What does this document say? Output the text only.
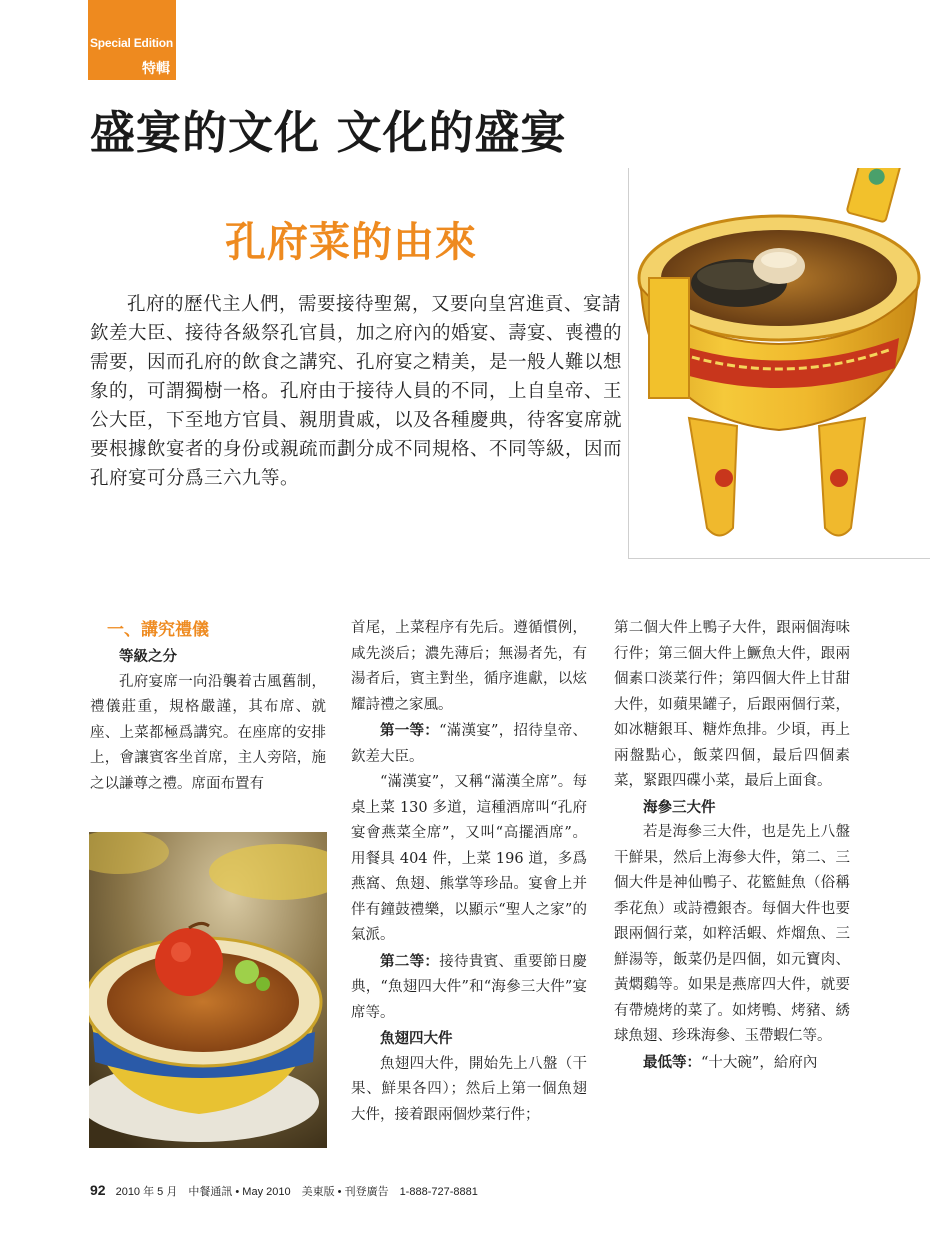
Special Edition
特輯
盛宴的文化 文化的盛宴
孔府菜的由來

孔府的歷代主人們，需要接待聖駕，又要向皇宮進貢、宴請欽差大臣、接待各級祭孔官員，加之府內的婚宴、壽宴、喪禮的需要，因而孔府的飲食之講究、孔府宴之精美，是一般人難以想象的，可謂獨樹一格。孔府由于接待人員的不同，上自皇帝、王公大臣，下至地方官員、親朋貴戚，以及各種慶典，待客宴席就要根據飲宴者的身份或親疏而劃分成不同規格、不同等級，因而孔府宴可分爲三六九等。

一、講究禮儀

等級之分

孔府宴席一向沿襲着古風舊制，禮儀莊重，規格嚴謹，其布席、就座、上菜都極爲講究。在座席的安排上，會讓賓客坐首席，主人旁陪，施之以謙尊之禮。席面布置有

首尾，上菜程序有先后。遵循慣例，咸先淡后；濃先薄后；無湯者先，有湯者后，賓主對坐，循序進獻，以炫耀詩禮之家風。

第一等：“滿漢宴”，招待皇帝、欽差大臣。

“滿漢宴”，又稱“滿漢全席”。每桌上菜 130 多道，這種酒席叫“孔府宴會燕菜全席”，又叫“高擺酒席”。用餐具 404 件，上菜 196 道，多爲燕窩、魚翅、熊掌等珍品。宴會上并伴有鐘鼓禮樂，以顯示“聖人之家”的氣派。

第二等：接待貴賓、重要節日慶典，“魚翅四大件”和“海參三大件”宴席等。

魚翅四大件

魚翅四大件，開始先上八盤（干果、鮮果各四）；然后上第一個魚翅大件，接着跟兩個炒菜行件；

第二個大件上鴨子大件，跟兩個海味行件；第三個大件上鱖魚大件，跟兩個素口淡菜行件；第四個大件上甘甜大件，如蘋果罐子，后跟兩個行菜，如冰糖銀耳、糖炸魚排。少頃，再上兩盤點心，飯菜四個，最后四個素菜，緊跟四碟小菜，最后上面食。

海參三大件

若是海參三大件，也是先上八盤干鮮果，然后上海參大件，第二、三個大件是神仙鴨子、花籃鮭魚（俗稱季花魚）或詩禮銀杏。每個大件也要跟兩個行菜，如粹活蝦、炸熘魚、三鮮湯等，飯菜仍是四個，如元寶肉、黃燜鷄等。如果是燕席四大件，就要有帶燒烤的菜了。如烤鴨、烤豬、綉球魚翅、珍珠海參、玉帶蝦仁等。

最低等：“十大碗”，給府內

92 2010 年 5 月　中餐通訊 • May 2010　美東版 • 刊登廣告　1-888-727-8881
